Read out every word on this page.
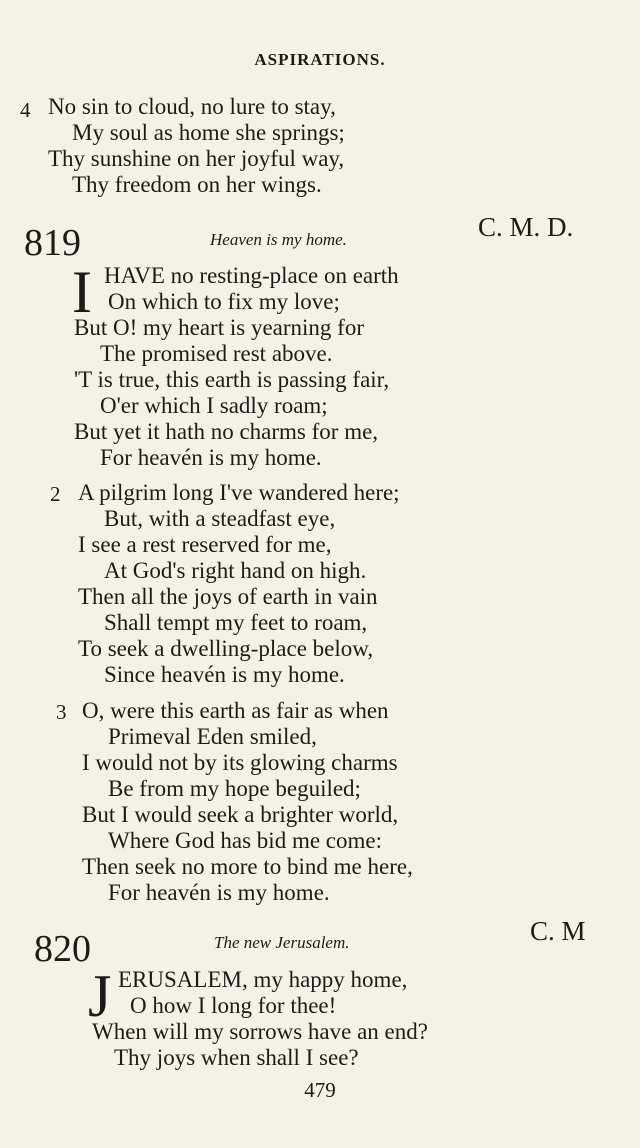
ASPIRATIONS.
4 No sin to cloud, no lure to stay,
My soul as home she springs;
Thy sunshine on her joyful way,
Thy freedom on her wings.
819	Heaven is my home.	C. M. D.
I HAVE no resting-place on earth
On which to fix my love;
But O! my heart is yearning for
The promised rest above.
'T is true, this earth is passing fair,
O'er which I sadly roam;
But yet it hath no charms for me,
For heavén is my home.
2 A pilgrim long I've wandered here;
But, with a steadfast eye,
I see a rest reserved for me,
At God's right hand on high.
Then all the joys of earth in vain
Shall tempt my feet to roam,
To seek a dwelling-place below,
Since heavén is my home.
3 O, were this earth as fair as when
Primeval Eden smiled,
I would not by its glowing charms
Be from my hope beguiled;
But I would seek a brighter world,
Where God has bid me come:
Then seek no more to bind me here,
For heavén is my home.
820	The new Jerusalem.	C. M
J ERUSALEM, my happy home,
O how I long for thee!
When will my sorrows have an end?
Thy joys when shall I see?
479
